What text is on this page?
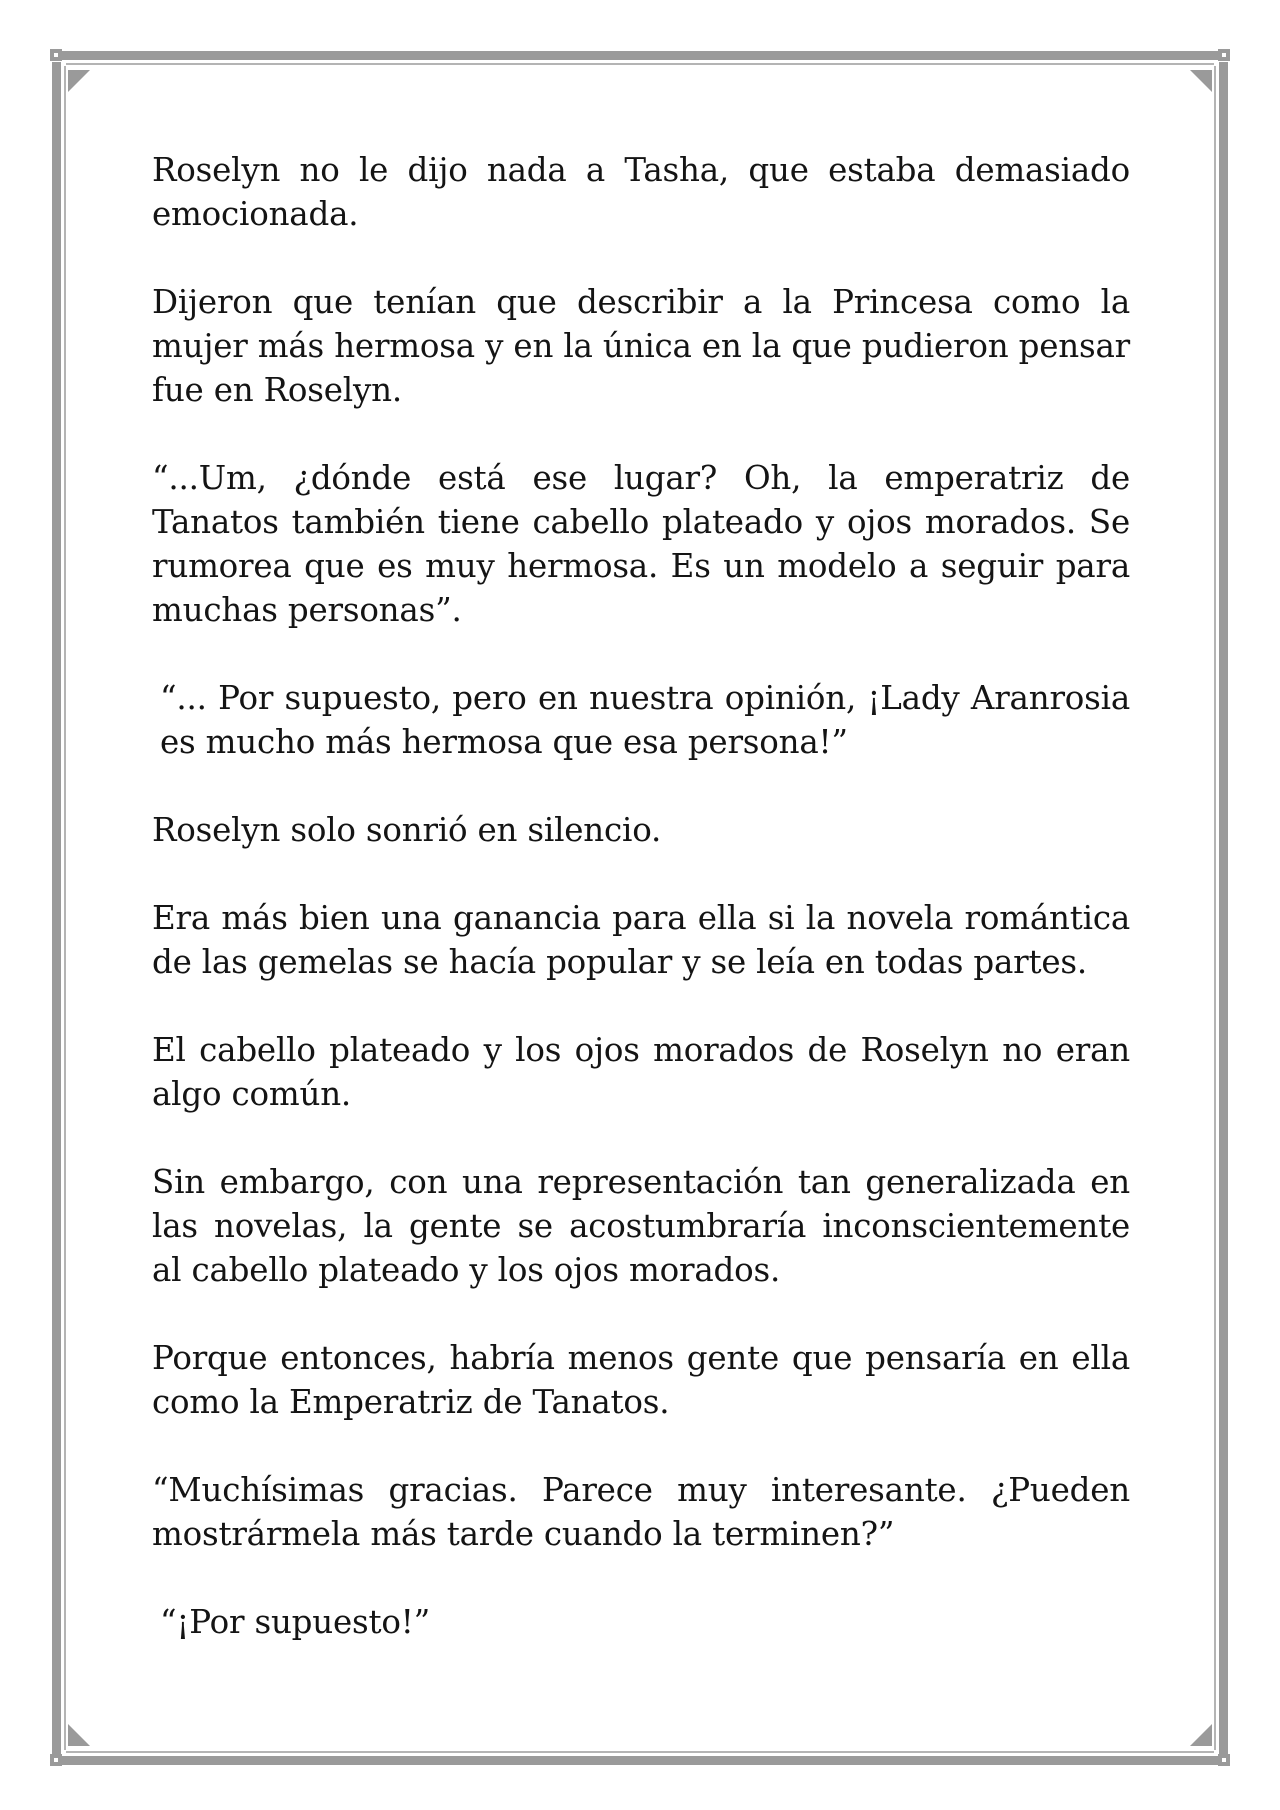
Roselyn no le dijo nada a Tasha, que estaba demasiado emocionada.

Dijeron que tenían que describir a la Princesa como la mujer más hermosa y en la única en la que pudieron pensar fue en Roselyn.

“...Um, ¿dónde está ese lugar? Oh, la emperatriz de Tanatos también tiene cabello plateado y ojos morados. Se rumorea que es muy hermosa. Es un modelo a seguir para muchas personas”.

“... Por supuesto, pero en nuestra opinión, ¡Lady Aranrosia es mucho más hermosa que esa persona!”

Roselyn solo sonrió en silencio.

Era más bien una ganancia para ella si la novela romántica de las gemelas se hacía popular y se leía en todas partes.

El cabello plateado y los ojos morados de Roselyn no eran algo común.

Sin embargo, con una representación tan generalizada en las novelas, la gente se acostumbraría inconscientemente al cabello plateado y los ojos morados.

Porque entonces, habría menos gente que pensaría en ella como la Emperatriz de Tanatos.

“Muchísimas gracias. Parece muy interesante. ¿Pueden mostrármela más tarde cuando la terminen?”

“¡Por supuesto!”
